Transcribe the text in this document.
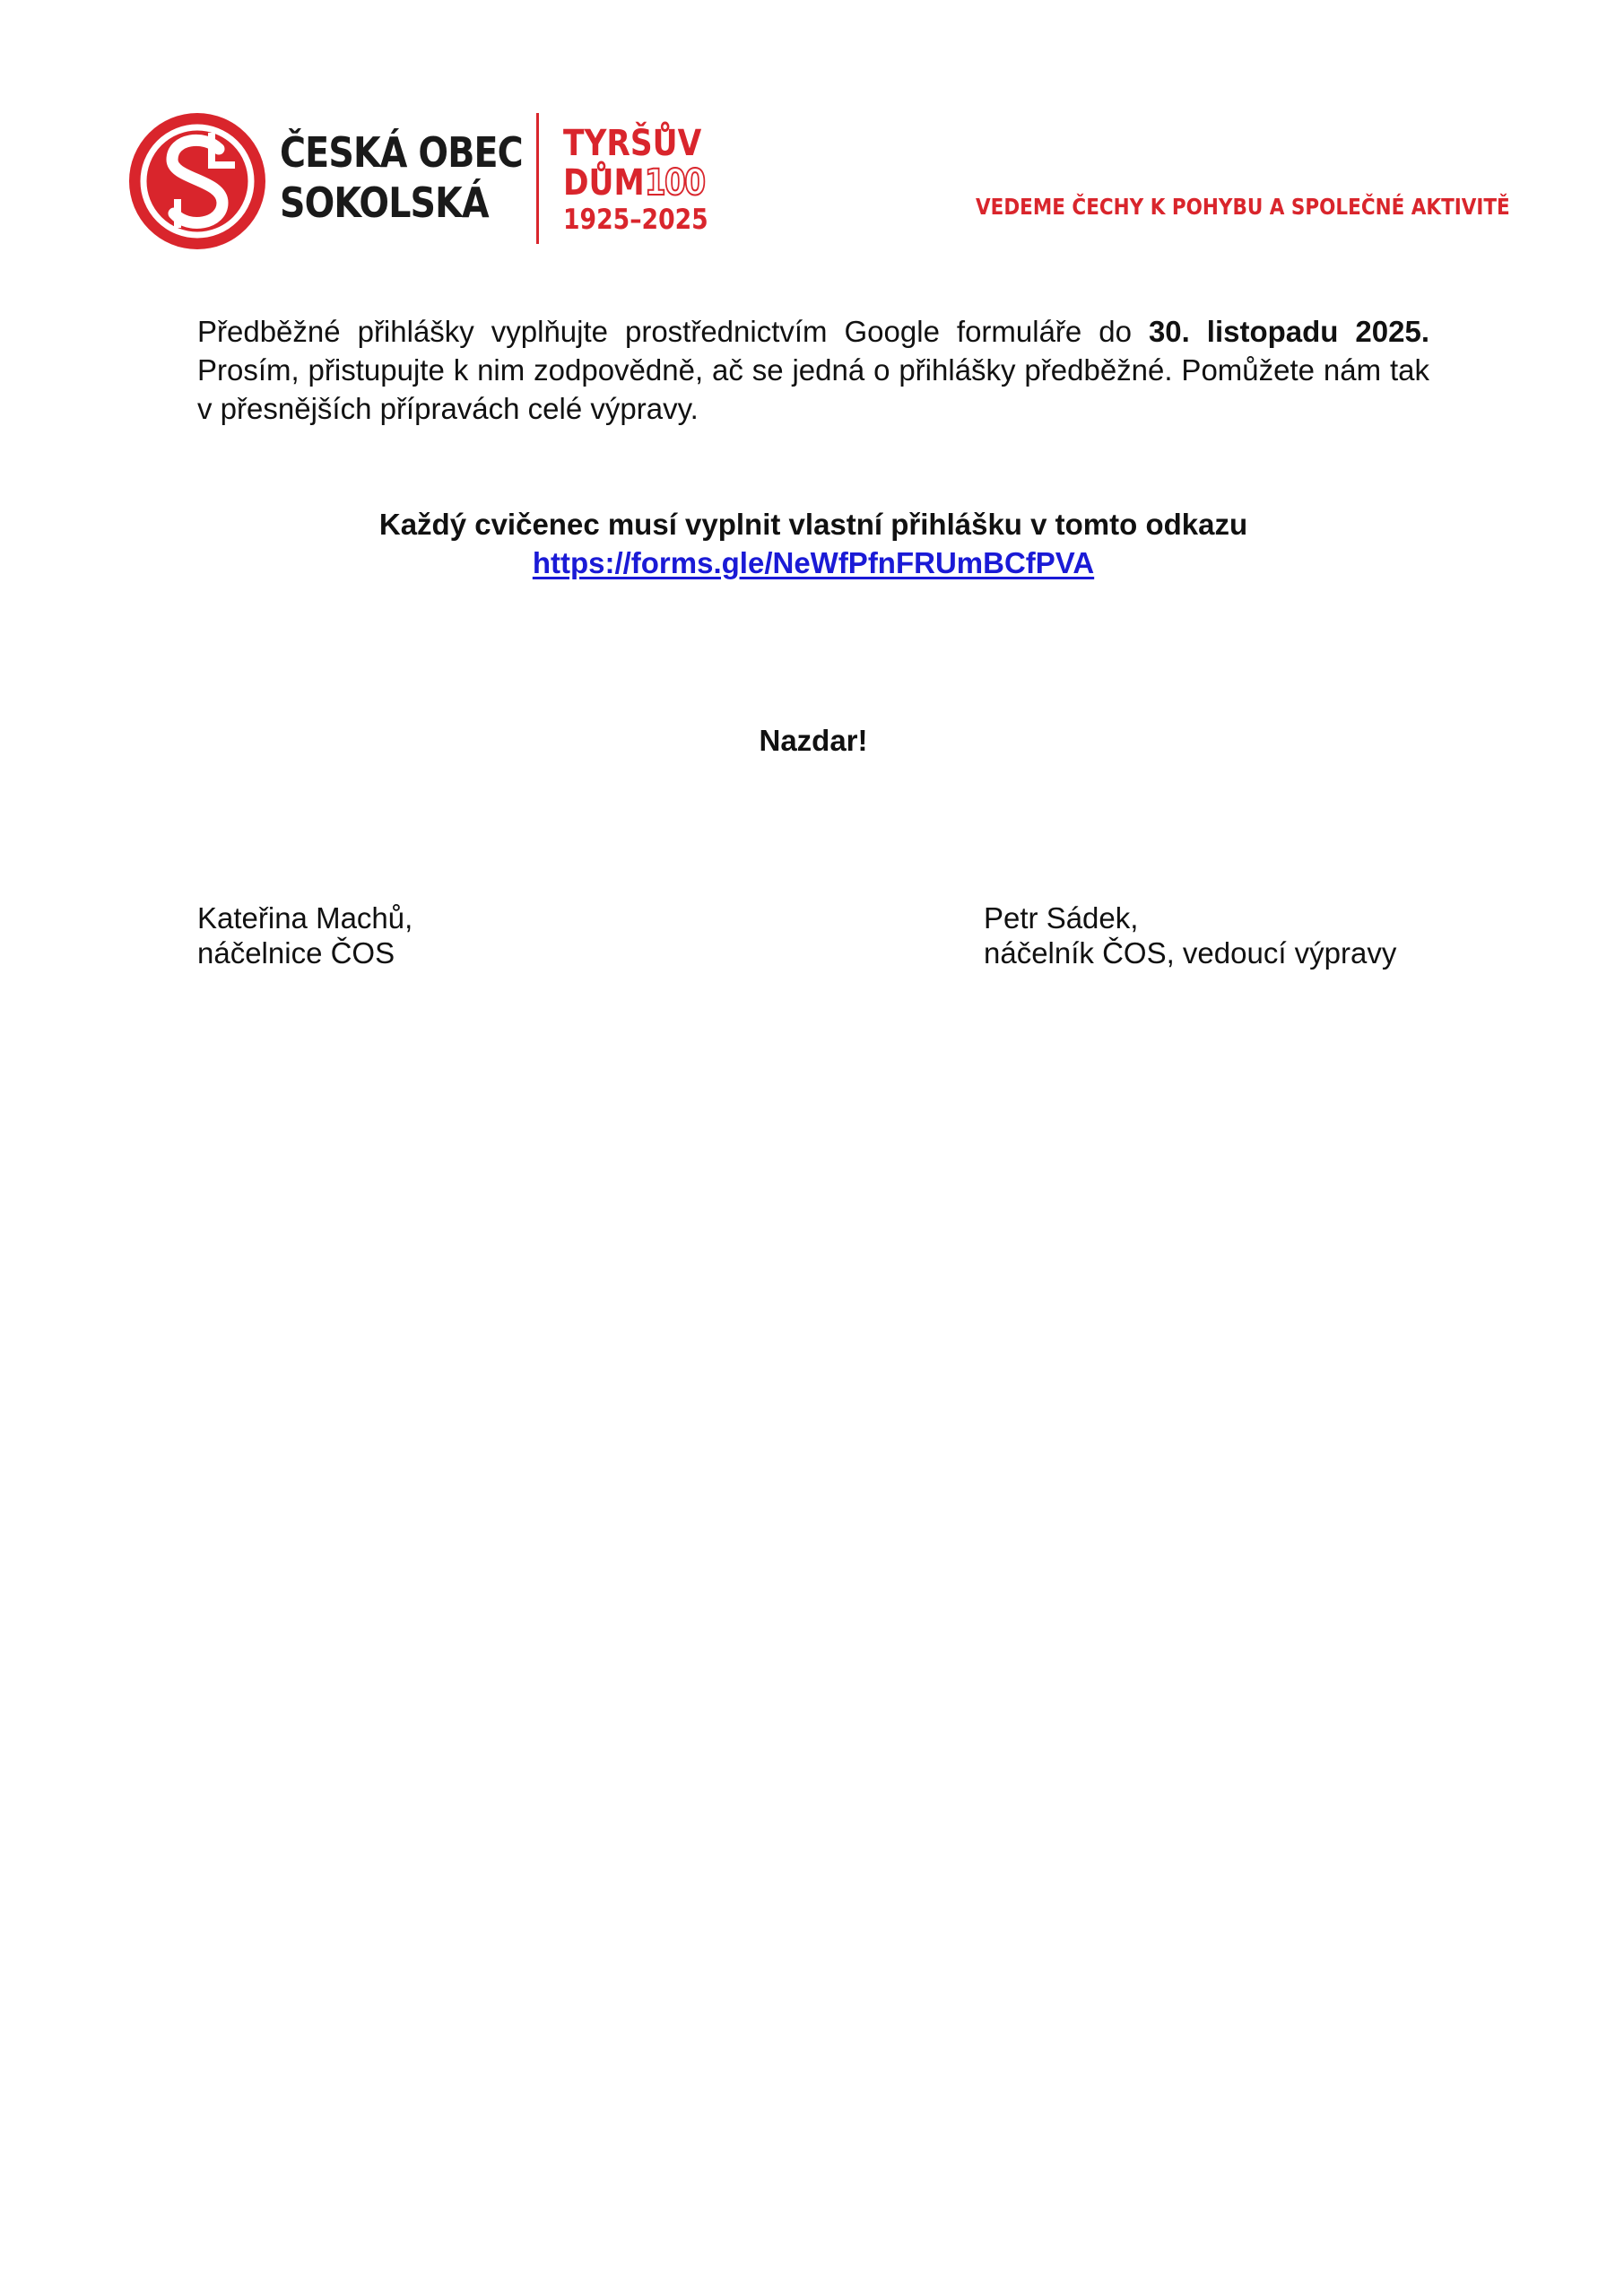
ČESKÁ OBEC
SOKOLSKÁ
TYRŠŮV
DŮM100
1925–2025	VEDEME ČECHY K POHYBU A SPOLEČNÉ AKTIVITĚ

Předběžné přihlášky vyplňujte prostřednictvím Google formuláře do 30. listopadu 2025. Prosím, přistupujte k nim zodpovědně, ač se jedná o přihlášky předběžné. Pomůžete nám tak v přesnějších přípravách celé výpravy.

Každý cvičenec musí vyplnit vlastní přihlášku v tomto odkazu
https://forms.gle/NeWfPfnFRUmBCfPVA
Nazdar!
Kateřina Machů,
náčelnice ČOS
Petr Sádek,
náčelník ČOS, vedoucí výpravy
